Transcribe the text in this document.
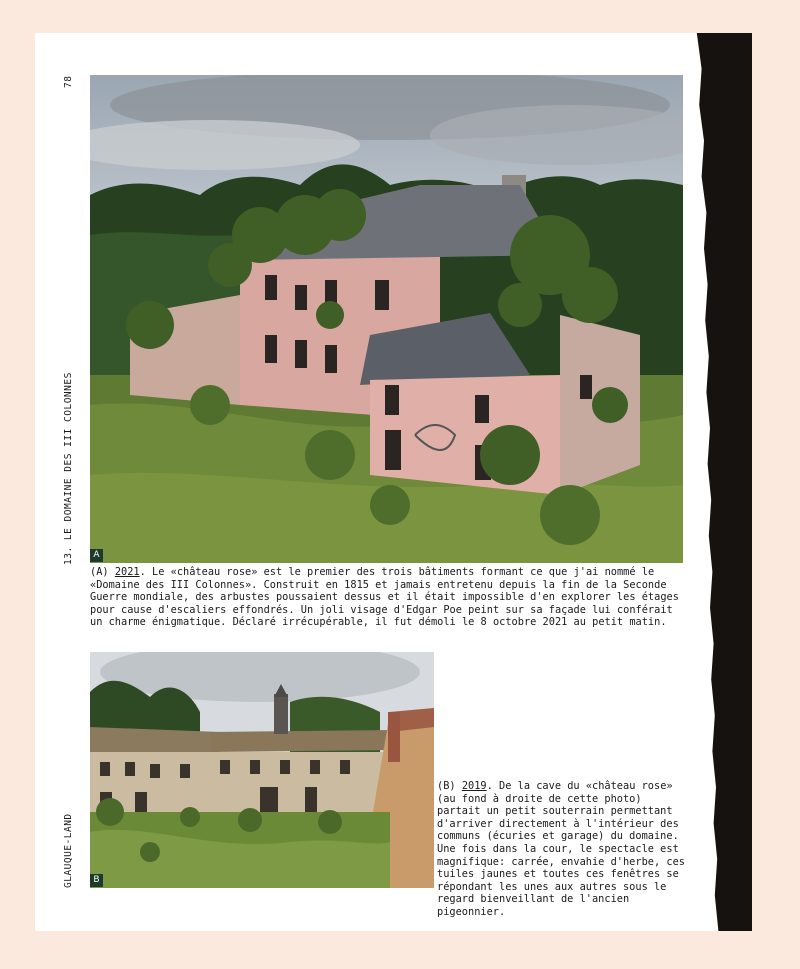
78
13. LE DOMAINE DES III COLONNES
GLAUQUE-LAND
A
(A) 2021. Le «château rose» est le premier des trois bâtiments formant ce que j'ai nommé le «Domaine des III Colonnes». Construit en 1815 et jamais entretenu depuis la fin de la Seconde Guerre mondiale, des arbustes poussaient dessus et il était impossible d'en explorer les étages pour cause d'escaliers effondrés. Un joli visage d'Edgar Poe peint sur sa façade lui conférait un charme énigmatique. Déclaré irrécupérable, il fut démoli le 8 octobre 2021 au petit matin.
B
(B) 2019. De la cave du «château rose» (au fond à droite de cette photo) partait un petit souterrain permettant d'arriver directement à l'intérieur des communs (écuries et garage) du domaine. Une fois dans la cour, le spectacle est magnifique: carrée, envahie d'herbe, ces tuiles jaunes et toutes ces fenêtres se répondant les unes aux autres sous le regard bienveillant de l'ancien pigeonnier.
